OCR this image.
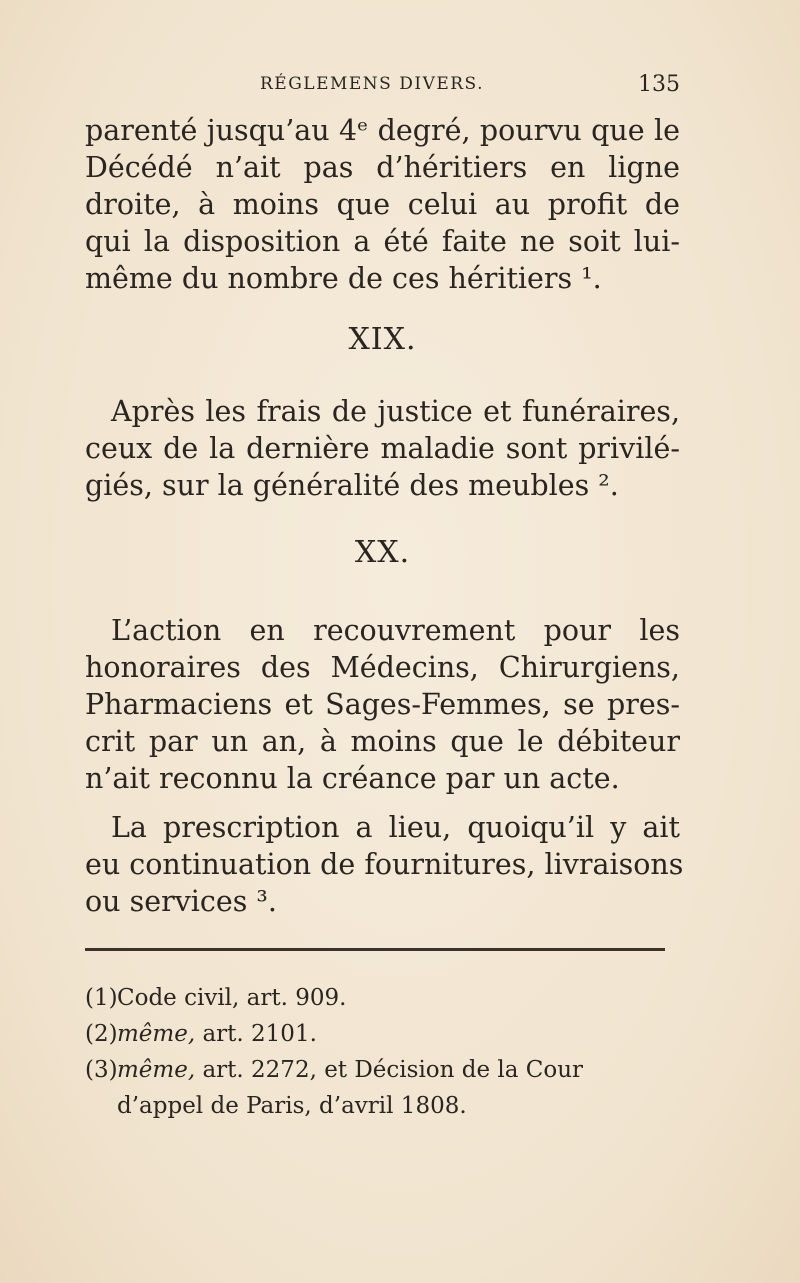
RÉGLEMENS DIVERS.	135
parenté jusqu’au 4ᵉ degré, pourvu que le
Décédé n’ait pas d’héritiers en ligne
droite, à moins que celui au profit de
qui la disposition a été faite ne soit lui-
même du nombre de ces héritiers ¹.
XIX.
Après les frais de justice et funéraires,
ceux de la dernière maladie sont privilé-
giés, sur la généralité des meubles ².
XX.
L’action en recouvrement pour les
honoraires des Médecins, Chirurgiens,
Pharmaciens et Sages-Femmes, se pres-
crit par un an, à moins que le débiteur
n’ait reconnu la créance par un acte.
La prescription a lieu, quoiqu’il y ait
eu continuation de fournitures, livraisons
ou services ³.
(1)Code civil, art. 909.
(2)même, art. 2101.
(3)même, art. 2272, et Décision de la Cour
d’appel de Paris, d’avril 1808.
